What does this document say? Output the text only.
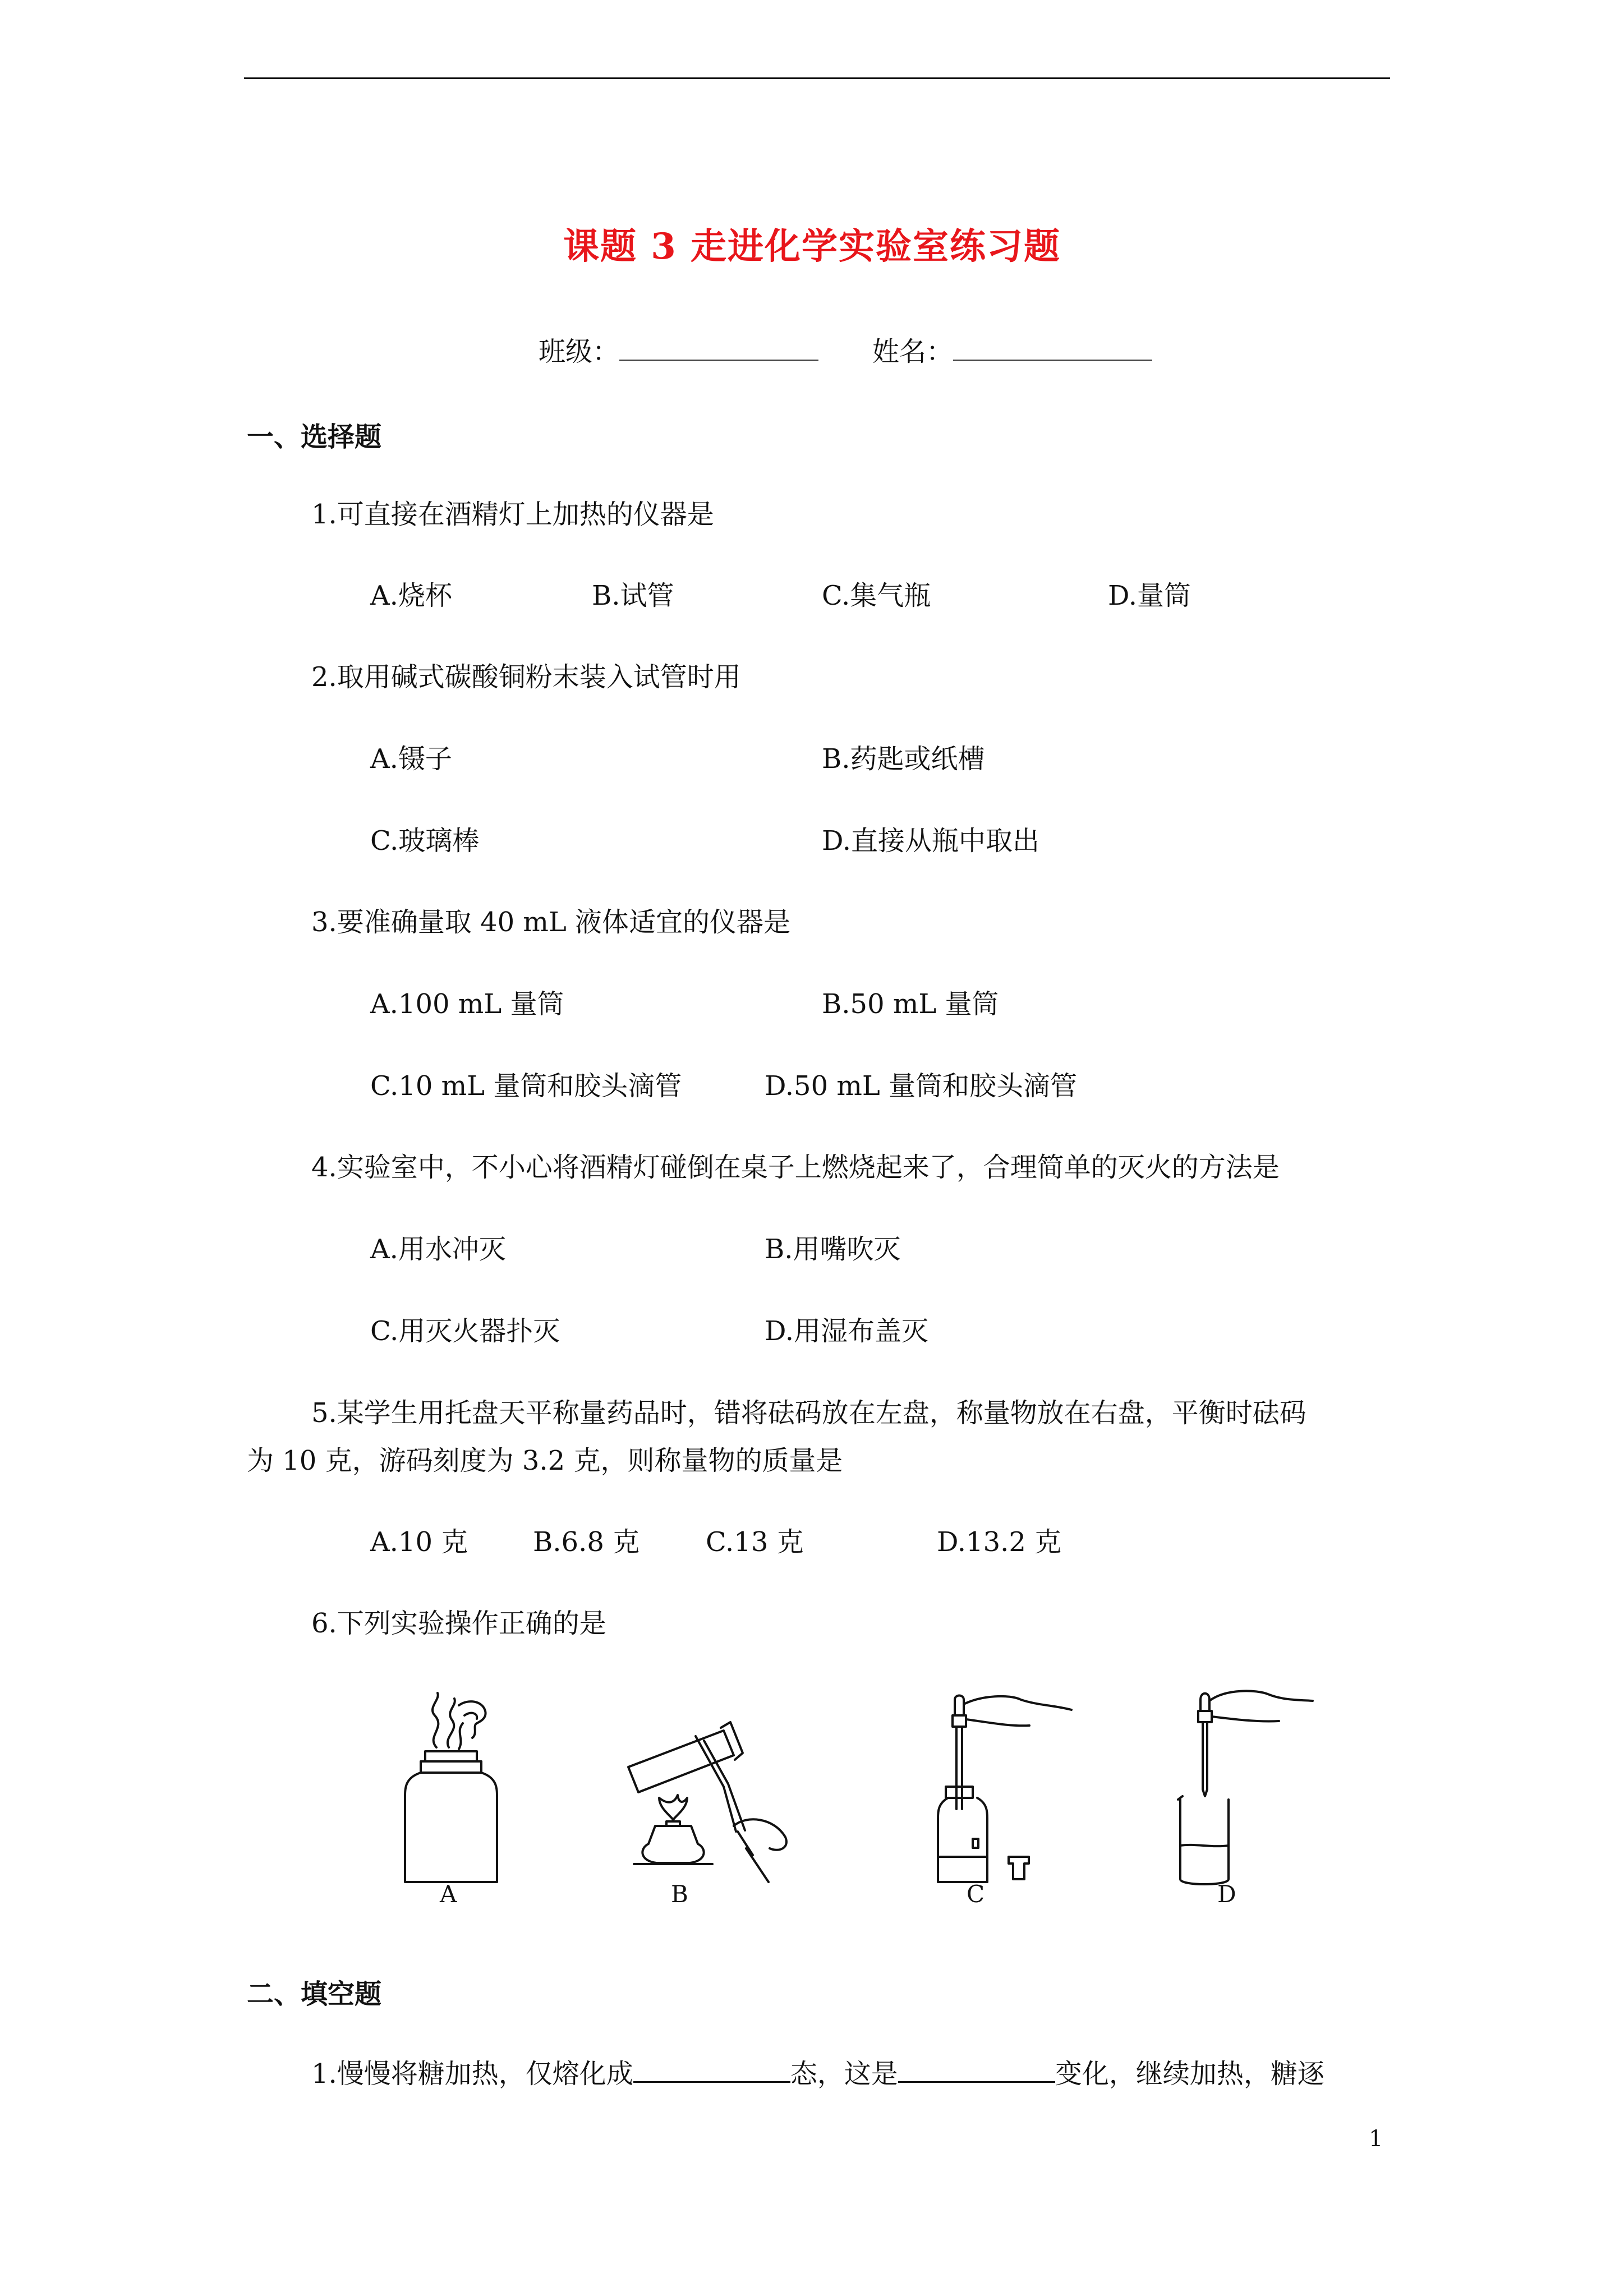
课题 3 走进化学实验室练习题
班级：	姓名：
一、选择题
1.可直接在酒精灯上加热的仪器是
A.烧杯	B.试管	C.集气瓶	D.量筒
2.取用碱式碳酸铜粉末装入试管时用
A.镊子	B.药匙或纸槽
C.玻璃棒	D.直接从瓶中取出
3.要准确量取 40 mL 液体适宜的仪器是
A.100 mL 量筒	B.50 mL 量筒
C.10 mL 量筒和胶头滴管	D.50 mL 量筒和胶头滴管
4.实验室中，不小心将酒精灯碰倒在桌子上燃烧起来了，合理简单的灭火的方法是
A.用水冲灭	B.用嘴吹灭
C.用灭火器扑灭	D.用湿布盖灭
5.某学生用托盘天平称量药品时，错将砝码放在左盘，称量物放在右盘，平衡时砝码
为 10 克，游码刻度为 3.2 克，则称量物的质量是
A.10 克 B.6.8 克 C.13 克	D.13.2 克
6.下列实验操作正确的是
A	B	C	D
二、填空题
1.慢慢将糖加热，仅熔化成	态，这是	变化，继续加热，糖逐
1
